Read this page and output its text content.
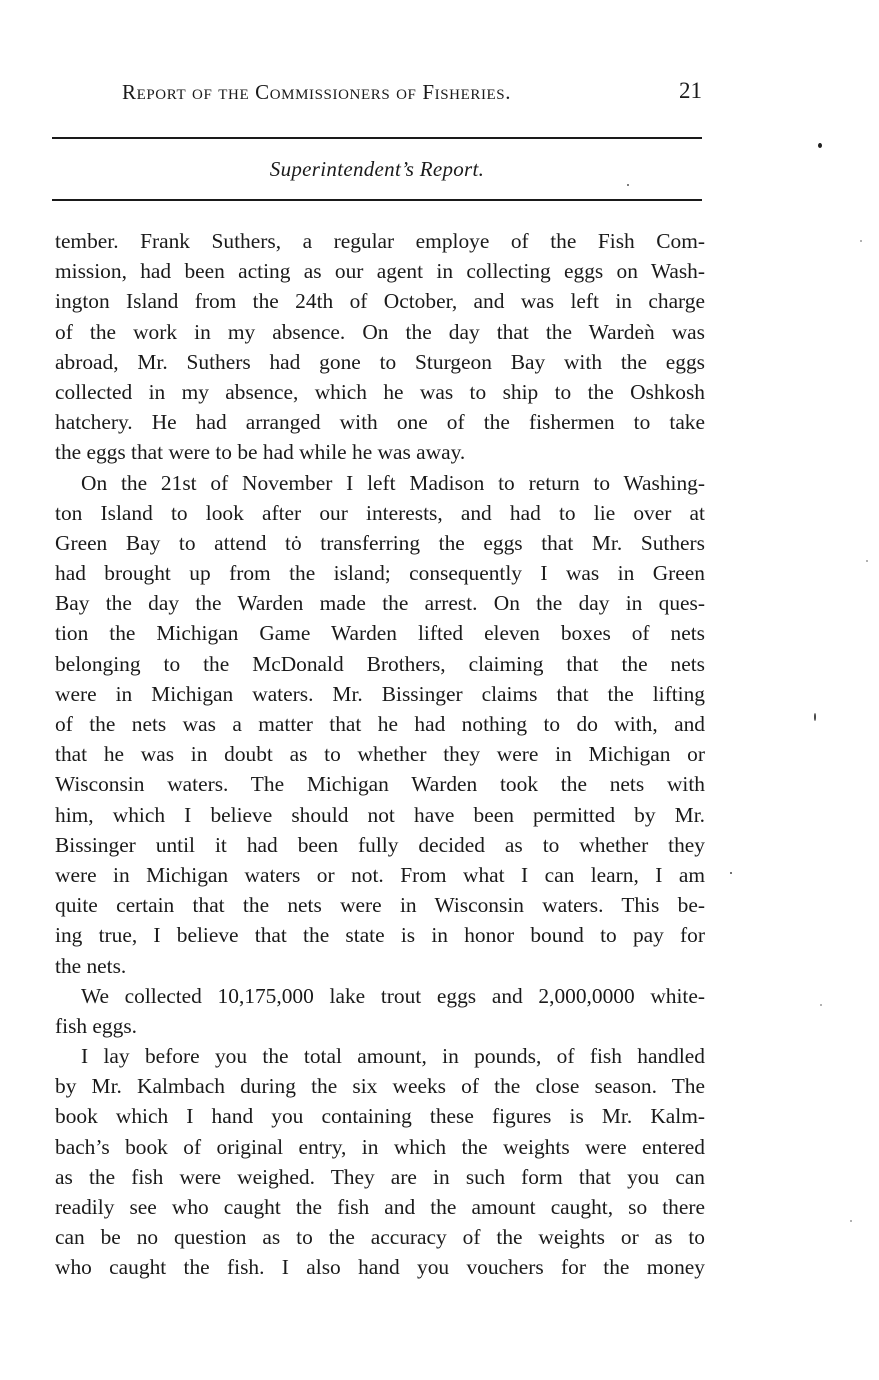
Report of the Commissioners of Fisheries.	21
Superintendent’s Report.
tember. Frank Suthers, a regular employe of the Fish Com-
mission, had been acting as our agent in collecting eggs on Wash-
ington Island from the 24th of October, and was left in charge
of the work in my absence. On the day that the Wardeǹ was
abroad, Mr. Suthers had gone to Sturgeon Bay with the eggs
collected in my absence, which he was to ship to the Oshkosh
hatchery. He had arranged with one of the fishermen to take
the eggs that were to be had while he was away.
On the 21st of November I left Madison to return to Washing-
ton Island to look after our interests, and had to lie over at
Green Bay to attend tȯ transferring the eggs that Mr. Suthers
had brought up from the island; consequently I was in Green
Bay the day the Warden made the arrest. On the day in ques-
tion the Michigan Game Warden lifted eleven boxes of nets
belonging to the McDonald Brothers, claiming that the nets
were in Michigan waters. Mr. Bissinger claims that the lifting
of the nets was a matter that he had nothing to do with, and
that he was in doubt as to whether they were in Michigan or
Wisconsin waters. The Michigan Warden took the nets with
him, which I believe should not have been permitted by Mr.
Bissinger until it had been fully decided as to whether they
were in Michigan waters or not. From what I can learn, I am
quite certain that the nets were in Wisconsin waters. This be-
ing true, I believe that the state is in honor bound to pay for
the nets.
We collected 10,175,000 lake trout eggs and 2,000,0000 white-
fish eggs.
I lay before you the total amount, in pounds, of fish handled
by Mr. Kalmbach during the six weeks of the close season. The
book which I hand you containing these figures is Mr. Kalm-
bach’s book of original entry, in which the weights were entered
as the fish were weighed. They are in such form that you can
readily see who caught the fish and the amount caught, so there
can be no question as to the accuracy of the weights or as to
who caught the fish. I also hand you vouchers for the money
